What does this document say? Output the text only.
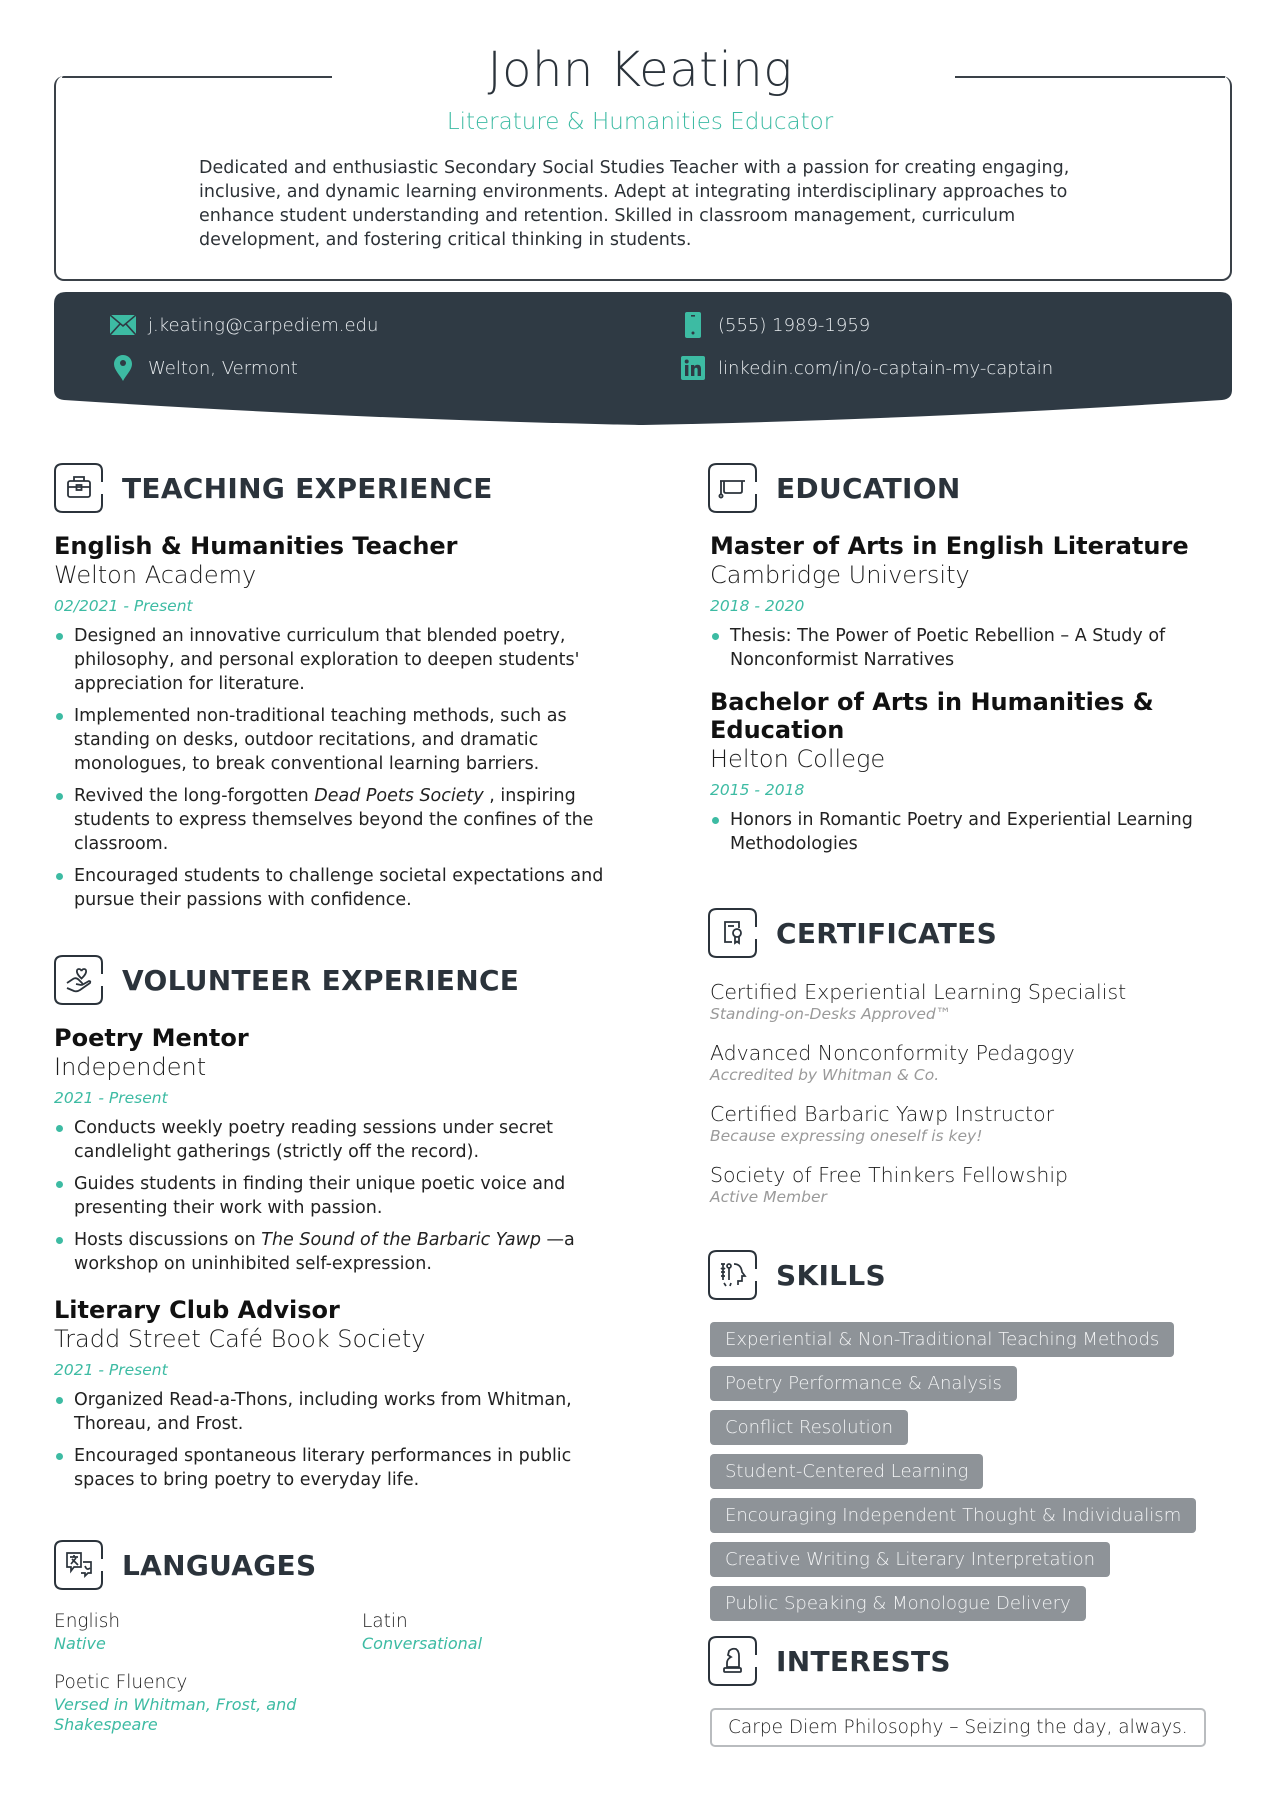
John Keating
Literature & Humanities Educator
Dedicated and enthusiastic Secondary Social Studies Teacher with a passion for creating engaging, inclusive, and dynamic learning environments. Adept at integrating interdisciplinary approaches to enhance student understanding and retention. Skilled in classroom management, curriculum development, and fostering critical thinking in students.
j.keating@carpediem.edu
Welton, Vermont
(555) 1989-1959
linkedin.com/in/o-captain-my-captain
TEACHING EXPERIENCE
English & Humanities Teacher
Welton Academy
02/2021 - Present
Designed an innovative curriculum that blended poetry, philosophy, and personal exploration to deepen students' appreciation for literature.
Implemented non-traditional teaching methods, such as standing on desks, outdoor recitations, and dramatic monologues, to break conventional learning barriers.
Revived the long-forgotten Dead Poets Society , inspiring students to express themselves beyond the confines of the classroom.
Encouraged students to challenge societal expectations and pursue their passions with confidence.
VOLUNTEER EXPERIENCE
Poetry Mentor
Independent
2021 - Present
Conducts weekly poetry reading sessions under secret candlelight gatherings (strictly off the record).
Guides students in finding their unique poetic voice and presenting their work with passion.
Hosts discussions on The Sound of the Barbaric Yawp —a workshop on uninhibited self-expression.
Literary Club Advisor
Tradd Street Café Book Society
2021 - Present
Organized Read-a-Thons, including works from Whitman, Thoreau, and Frost.
Encouraged spontaneous literary performances in public spaces to bring poetry to everyday life.
LANGUAGES
English
Native
Latin
Conversational
Poetic Fluency
Versed in Whitman, Frost, and Shakespeare
EDUCATION
Master of Arts in English Literature
Cambridge University
2018 - 2020
Thesis: The Power of Poetic Rebellion – A Study of Nonconformist Narratives
Bachelor of Arts in Humanities & Education
Helton College
2015 - 2018
Honors in Romantic Poetry and Experiential Learning Methodologies
CERTIFICATES
Certified Experiential Learning Specialist
Standing-on-Desks Approved™
Advanced Nonconformity Pedagogy
Accredited by Whitman & Co.
Certified Barbaric Yawp Instructor
Because expressing oneself is key!
Society of Free Thinkers Fellowship
Active Member
SKILLS
Experiential & Non-Traditional Teaching Methods
Poetry Performance & Analysis
Conflict Resolution
Student-Centered Learning
Encouraging Independent Thought & Individualism
Creative Writing & Literary Interpretation
Public Speaking & Monologue Delivery
INTERESTS
Carpe Diem Philosophy – Seizing the day, always.
